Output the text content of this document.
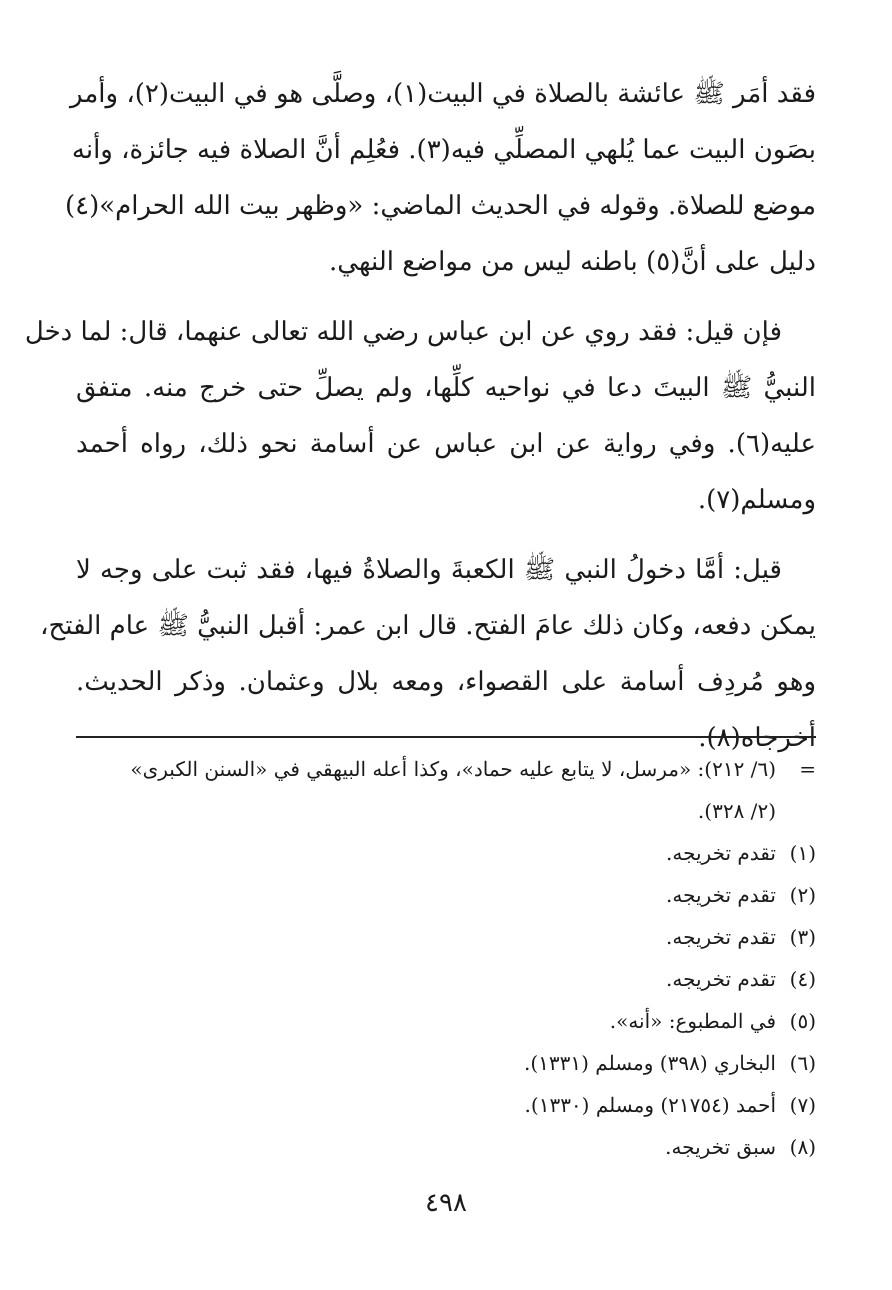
فقد أمَر ﷺ عائشة بالصلاة في البيت(١)، وصلَّى هو في البيت(٢)، وأمر
بصَون البيت عما يُلهي المصلِّي فيه(٣). فعُلِم أنَّ الصلاة فيه جائزة، وأنه
موضع للصلاة. وقوله في الحديث الماضي: «وظهر بيت الله الحرام»(٤)
دليل على أنَّ(٥) باطنه ليس من مواضع النهي.
فإن قيل: فقد روي عن ابن عباس رضي الله تعالى عنهما، قال: لما دخل
النبيُّ ﷺ البيتَ دعا في نواحيه كلِّها، ولم يصلِّ حتى خرج منه. متفق
عليه(٦). وفي رواية عن ابن عباس عن أسامة نحو ذلك، رواه أحمد
ومسلم(٧).
قيل: أمَّا دخولُ النبي ﷺ الكعبةَ والصلاةُ فيها، فقد ثبت على وجه لا
يمكن دفعه، وكان ذلك عامَ الفتح. قال ابن عمر: أقبل النبيُّ ﷺ عام الفتح،
وهو مُردِف أسامة على القصواء، ومعه بلال وعثمان. وذكر الحديث.
أخرجاه(٨).
=(٦/ ٢١٢): «مرسل، لا يتابع عليه حماد»، وكذا أعله البيهقي في «السنن الكبرى»
(٢/ ٣٢٨).
(١)تقدم تخريجه.
(٢)تقدم تخريجه.
(٣)تقدم تخريجه.
(٤)تقدم تخريجه.
(٥)في المطبوع: «أنه».
(٦)البخاري (٣٩٨) ومسلم (١٣٣١).
(٧)أحمد (٢١٧٥٤) ومسلم (١٣٣٠).
(٨)سبق تخريجه.
٤٩٨
